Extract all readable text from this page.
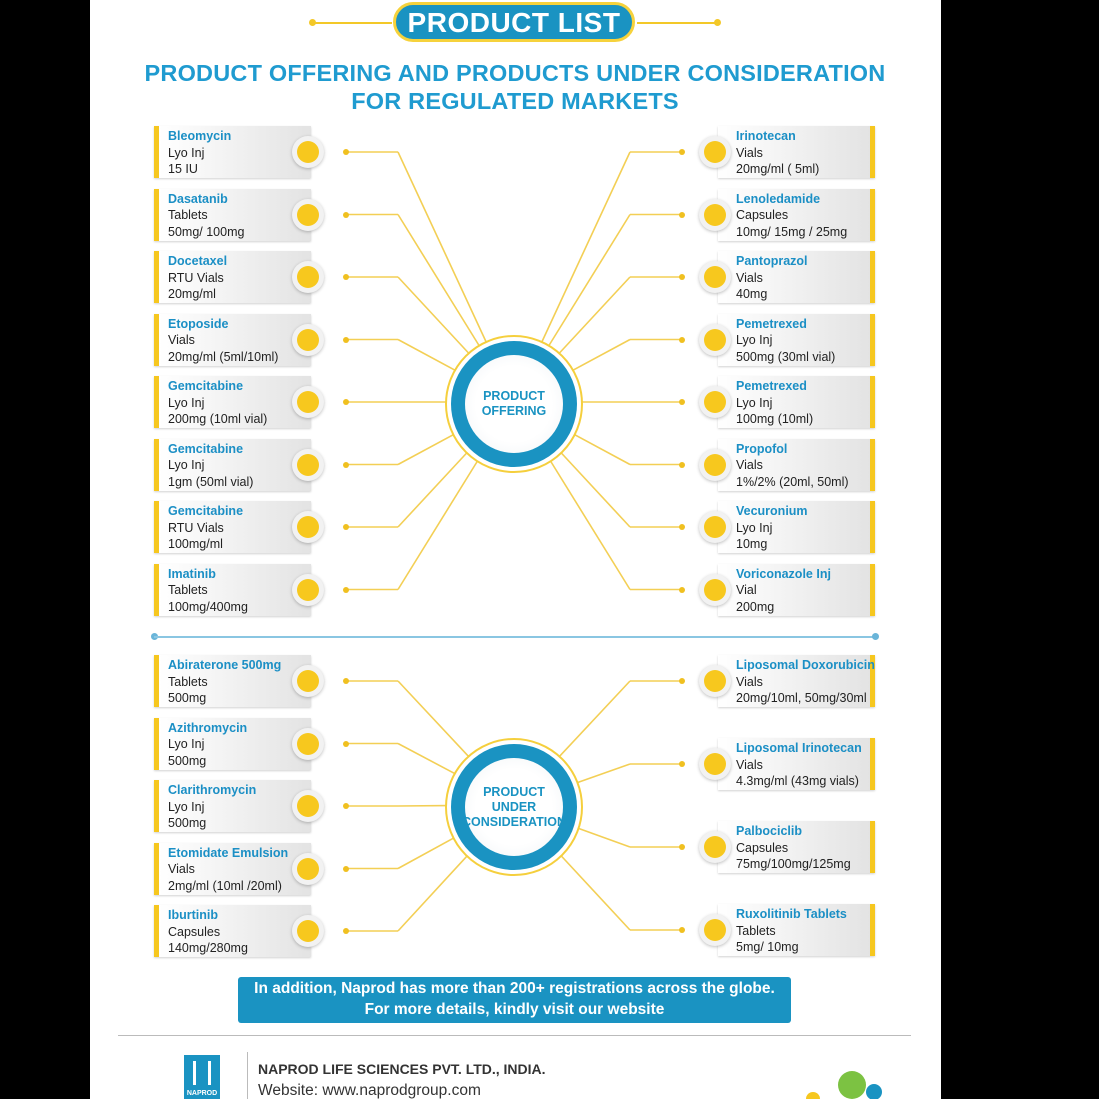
PRODUCT LIST
PRODUCT OFFERING AND PRODUCTS UNDER CONSIDERATION
FOR REGULATED MARKETS
Bleomycin
Lyo Inj
15 IU
Dasatanib
Tablets
50mg/ 100mg
Docetaxel
RTU Vials
20mg/ml
Etoposide
Vials
20mg/ml (5ml/10ml)
Gemcitabine
Lyo Inj
200mg (10ml vial)
Gemcitabine
Lyo Inj
1gm (50ml vial)
Gemcitabine
RTU Vials
100mg/ml
Imatinib
Tablets
100mg/400mg
Irinotecan
Vials
20mg/ml ( 5ml)
Lenoledamide
Capsules
10mg/ 15mg / 25mg
Pantoprazol
Vials
40mg
Pemetrexed
Lyo Inj
500mg (30ml vial)
Pemetrexed
Lyo Inj
100mg (10ml)
Propofol
Vials
1%/2% (20ml, 50ml)
Vecuronium
Lyo Inj
10mg
Voriconazole Inj
Vial
200mg
PRODUCT
OFFERING
Abiraterone 500mg
Tablets
500mg
Azithromycin
Lyo Inj
500mg
Clarithromycin
Lyo Inj
500mg
Etomidate Emulsion
Vials
2mg/ml (10ml /20ml)
Iburtinib
Capsules
140mg/280mg
Liposomal Doxorubicin
Vials
20mg/10ml, 50mg/30ml
Liposomal Irinotecan
Vials
4.3mg/ml (43mg vials)
Palbociclib
Capsules
75mg/100mg/125mg
Ruxolitinib Tablets
Tablets
5mg/ 10mg
PRODUCT
UNDER
CONSIDERATION
In addition, Naprod has more than 200+ registrations across the globe.
For more details, kindly visit our website
NAPROD
NAPROD LIFE SCIENCES PVT. LTD., INDIA.
Website: www.naprodgroup.com
